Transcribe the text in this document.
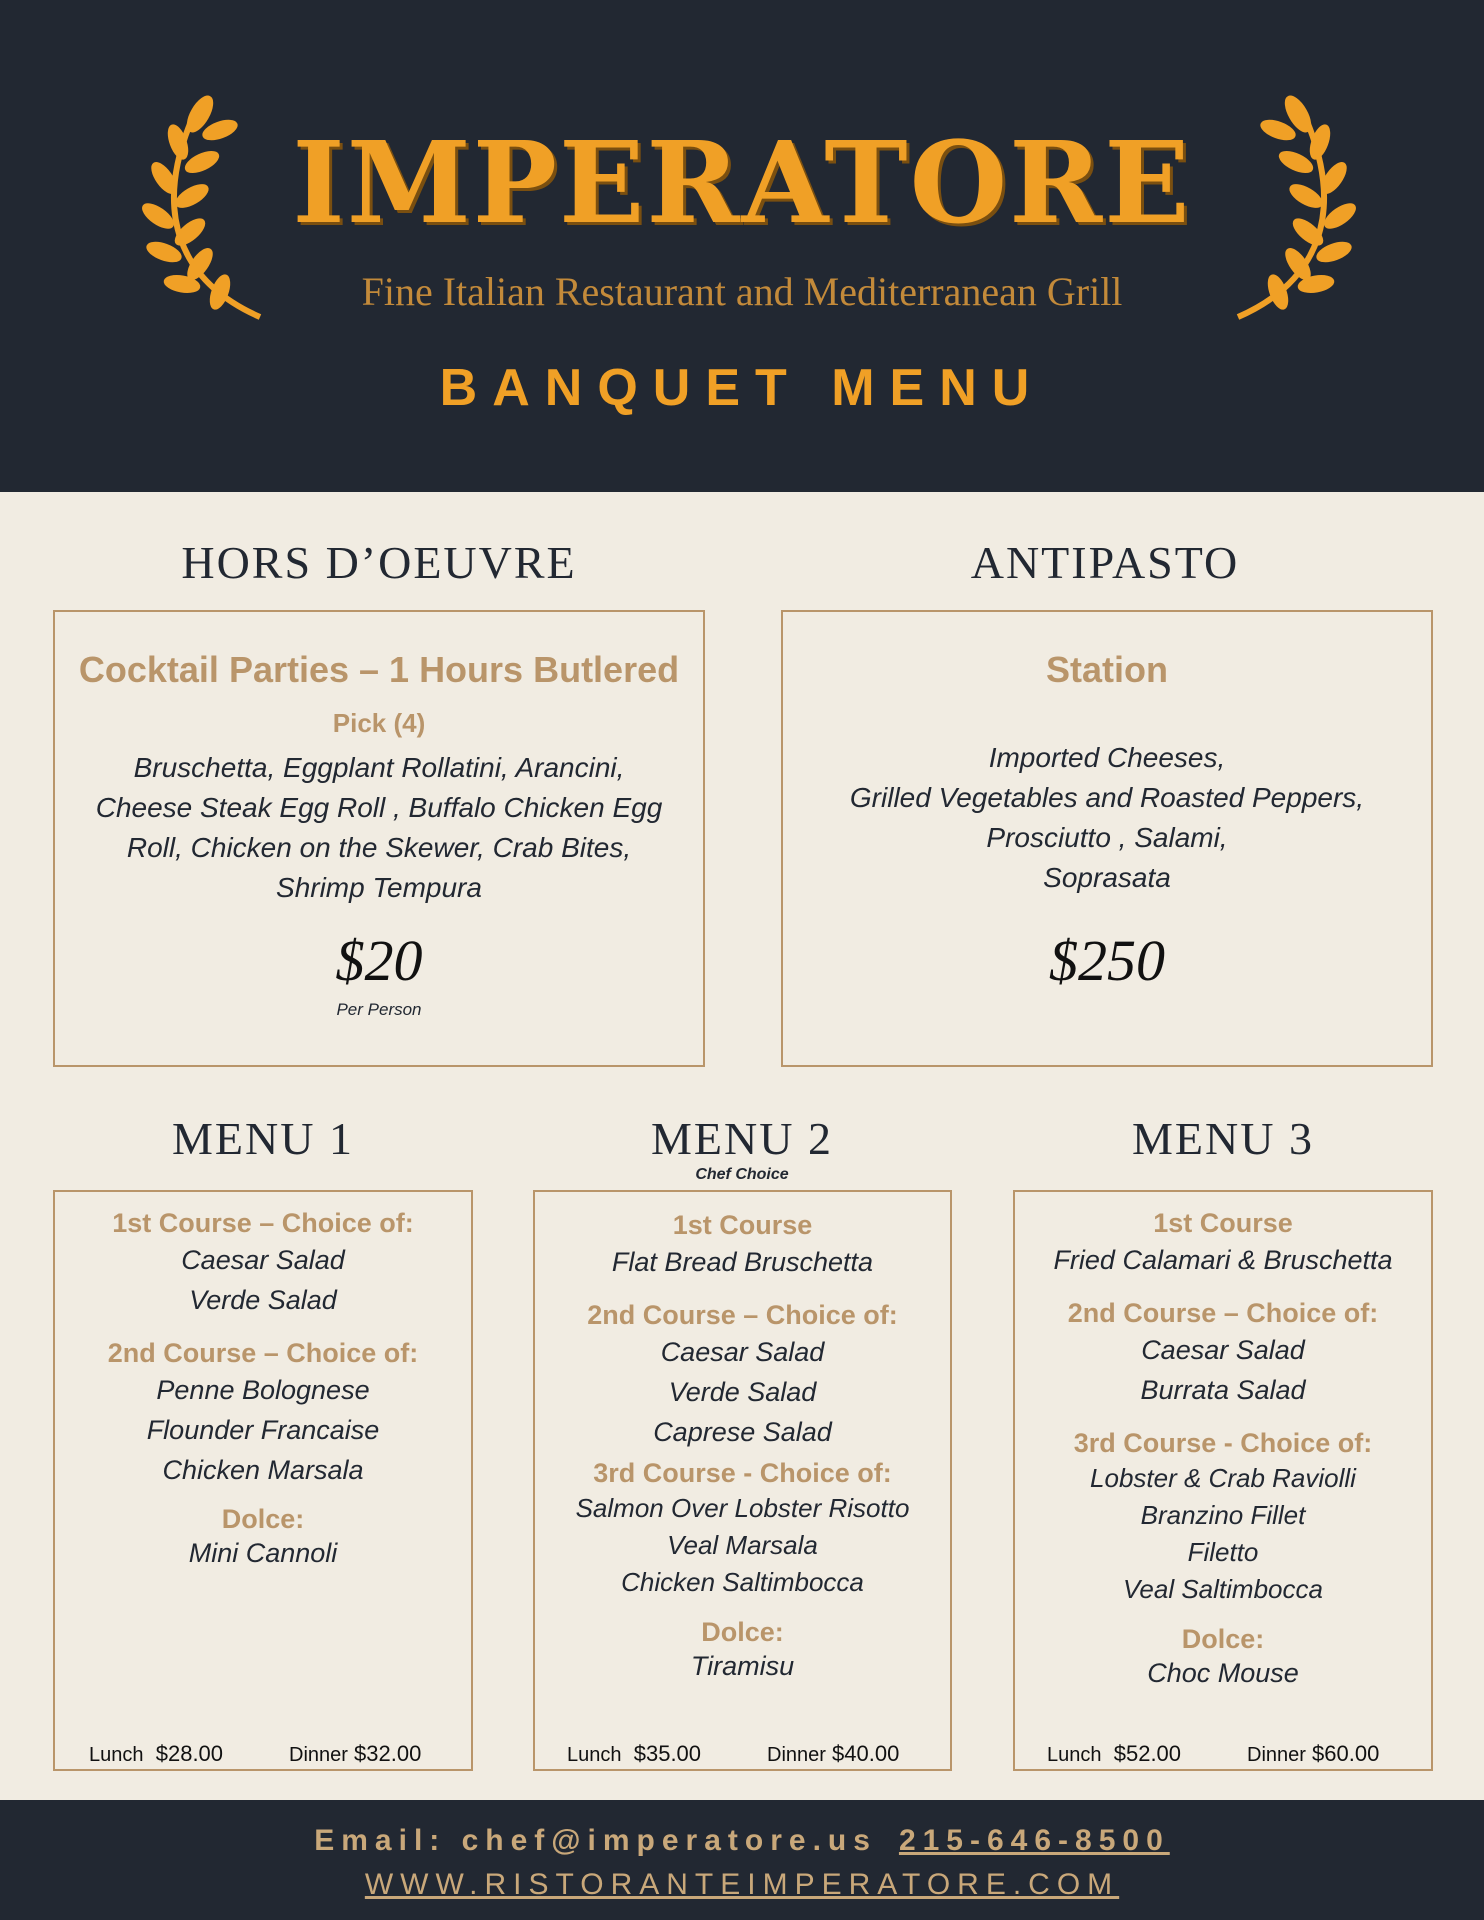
IMPERATORE
Fine Italian Restaurant and Mediterranean Grill
BANQUET MENU
HORS D’OEUVRE
Cocktail Parties – 1 Hours Butlered
Pick (4)
Bruschetta, Eggplant Rollatini, Arancini,
Cheese Steak Egg Roll , Buffalo Chicken Egg
Roll, Chicken on the Skewer, Crab Bites,
Shrimp Tempura
$20
Per Person
ANTIPASTO
Station
Imported Cheeses,
Grilled Vegetables and Roasted Peppers,
Prosciutto , Salami,
Soprasata
$250
MENU 1
1st Course – Choice of:
Caesar Salad
Verde Salad
2nd Course – Choice of:
Penne Bolognese
Flounder Francaise
Chicken Marsala
Dolce:
Mini Cannoli
Lunch $28.00	Dinner $32.00
MENU 2
Chef Choice
1st Course
Flat Bread Bruschetta
2nd Course – Choice of:
Caesar Salad
Verde Salad
Caprese Salad
3rd Course - Choice of:
Salmon Over Lobster Risotto
Veal Marsala
Chicken Saltimbocca
Dolce:
Tiramisu
Lunch $35.00	Dinner $40.00
MENU 3
1st Course
Fried Calamari & Bruschetta
2nd Course – Choice of:
Caesar Salad
Burrata Salad
3rd Course - Choice of:
Lobster & Crab Raviolli
Branzino Fillet
Filetto
Veal Saltimbocca
Dolce:
Choc Mouse
Lunch $52.00	Dinner $60.00
Email: chef@imperatore.us 215-646-8500
WWW.RISTORANTEIMPERATORE.COM
